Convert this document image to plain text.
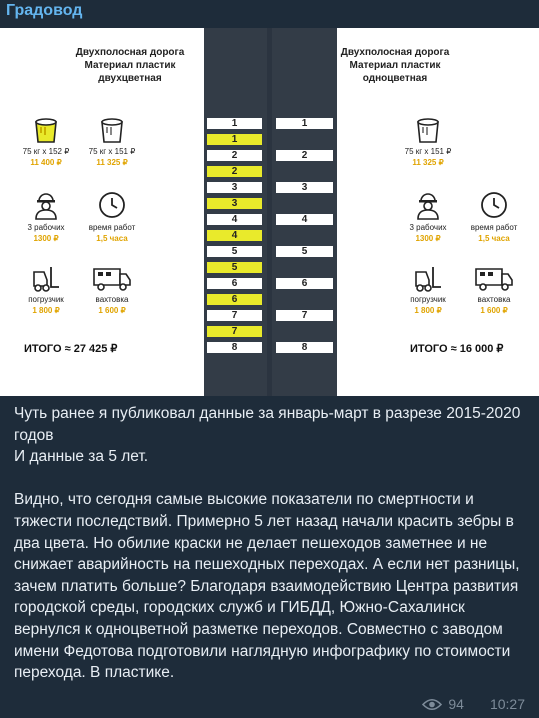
Градовод
Двухполосная дорога
Материал пластик
двухцветная
75 кг х 152 ₽
11 400 ₽
75 кг х 151 ₽
11 325 ₽
3 рабочих
1300 ₽
время работ
1,5 часа
погрузчик
1 800 ₽
вахтовка
1 600 ₽
ИТОГО ≈ 27 425 ₽
1
1
2
2
3
3
4
4
5
5
6
6
7
7
8
1
2
3
4
5
6
7
8
Двухполосная дорога
Материал пластик
одноцветная
75 кг х 151 ₽
11 325 ₽
3 рабочих
1300 ₽
время работ
1,5 часа
погрузчик
1 800 ₽
вахтовка
1 600 ₽
ИТОГО ≈ 16 000 ₽
Чуть ранее я публиковал данные за январь-март в разрезе 2015-2020 годов
И данные за 5 лет.

Видно, что сегодня самые высокие показатели по смертности и тяжести последствий. Примерно 5 лет назад начали красить зебры в два цвета. Но обилие краски не делает пешеходов заметнее и не снижает аварийность на пешеходных переходах. А если нет разницы, зачем платить больше? Благодаря взаимодействию Центра развития городской среды, городских служб и ГИБДД, Южно-Сахалинск вернулся к одноцветной разметке переходов. Совместно с заводом имени Федотова подготовили наглядную инфографику по стоимости перехода. В пластике.
94 10:27
